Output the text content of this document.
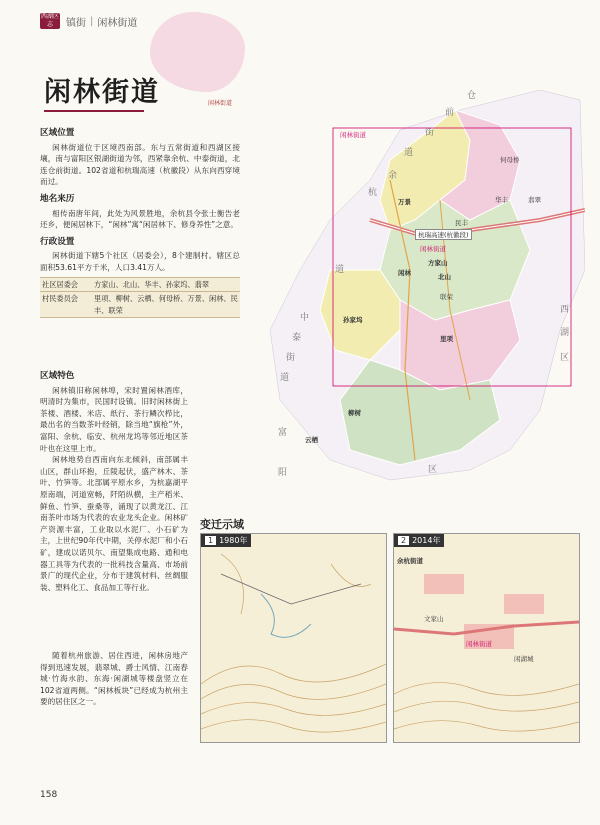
闲林街道
西湖区志	镇街 | 闲林街道
闲林街道
区域位置

闲林街道位于区境西南部。东与五常街道和西湖区接壤，南与富阳区银湖街道为邻，西紧靠余杭、中泰街道，北连仓前街道。102省道和杭瑞高速（杭徽段）从东向西穿境而过。

地名来历

相传南唐年间，此处为风景胜地，余杭县令张士衡告老还乡，便闲居林下，“闲林”寓“闲居林下、修身养性”之意。

行政设置

闲林街道下辖5个社区（居委会），8个建制村。辖区总面积53.61平方千米，人口3.41万人。

社区居委会	方家山、北山、华丰、孙家坞、翡翠
村民委员会	里项、柳树、云栖、何母桥、万景、闲林、民丰、联荣
区域特色

闲林镇旧称闲林埠，宋时置闲林酒库，明清时为集市，民国时设镇。旧时闲林街上茶楼、酒楼、米店、纸行、茶行鳞次栉比，最出名的当数茶叶经销，除当地“旗枪”外，富阳、余杭、临安、杭州龙坞等邻近地区茶叶也在这里上市。

闲林地势自西南向东北倾斜，南部属丰山区，群山环抱，丘陵起伏，盛产林木、茶叶、竹笋等。北部属平原水乡，为杭嘉湖平原南端，河道宽畅，阡陌纵横，主产稻米、鲜鱼、竹笋、蚕桑等，涌现了以黄龙江、江南茶叶市场为代表的农业龙头企业。闲林矿产资源丰富，工业取以水泥厂、小石矿为主，上世纪90年代中期，关停水泥厂和小石矿，建成以诺贝尔、南望集成电路、通和电器工具等为代表的一批科技含量高、市场前景广的现代企业，分布于建筑材料、丝绸服装、塑料化工、食品加工等行业。

随着杭州旅游、居住西进，闲林房地产得到迅速发展，翡翠城、爵士风情、江南春城·竹海水韵、东海·闲湖城等楼盘竖立在102省道两侧。“闲林板块”已经成为杭州主要的居住区之一。

闲林街道
何母桥
万景
民丰
华丰	翡翠
杭瑞高速(杭徽段)
闲林街道
方家山
闲林	北山
联荣
孙家坞
里项
柳树
云栖
仓
前
街
道
余
杭
道
中
泰
街
道
富
阳	区
西
湖
区
变迁示域
1 1980年	2 2014年
余杭街道
闲林街道
文家山
闲湖城
158
